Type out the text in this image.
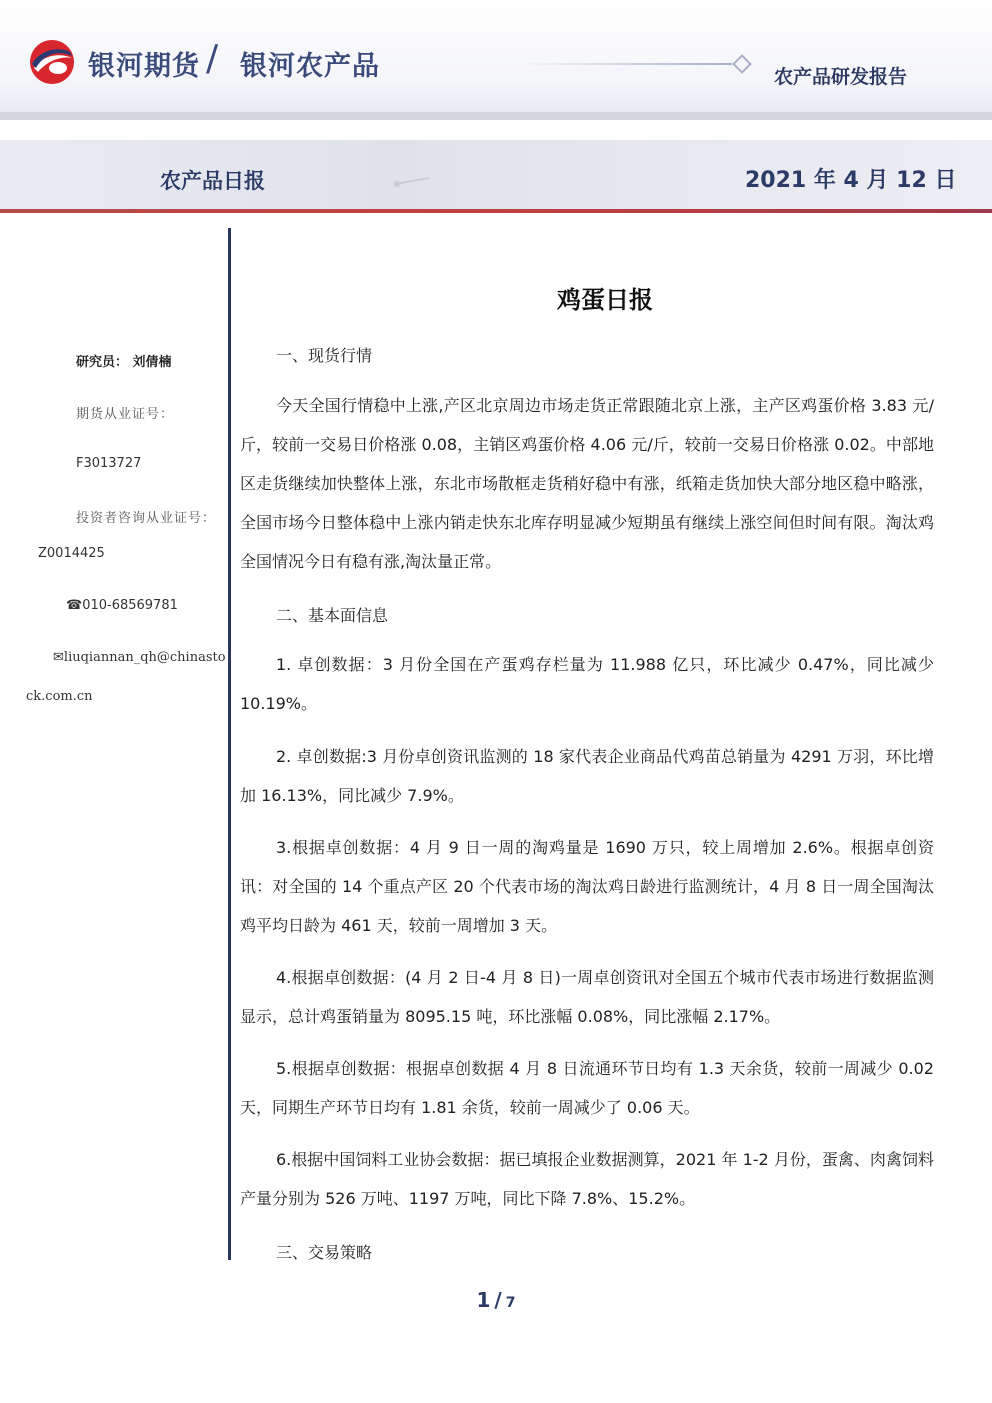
银河期货 / 银河农产品	农产品研发报告
农产品日报	2021 年 4 月 12 日
研究员： 刘倩楠
期货从业证号：
F3013727
投资者咨询从业证号：
Z0014425
☎010-68569781
✉liuqiannan_qh@chinasto
ck.com.cn
鸡蛋日报
一、现货行情
今天全国行情稳中上涨,产区北京周边市场走货正常跟随北京上涨，主产区鸡蛋价格 3.83 元/斤，较前一交易日价格涨 0.08，主销区鸡蛋价格 4.06 元/斤，较前一交易日价格涨 0.02。中部地区走货继续加快整体上涨，东北市场散框走货稍好稳中有涨，纸箱走货加快大部分地区稳中略涨，全国市场今日整体稳中上涨内销走快东北库存明显减少短期虽有继续上涨空间但时间有限。淘汰鸡全国情况今日有稳有涨,淘汰量正常。
二、基本面信息
1. 卓创数据：3 月份全国在产蛋鸡存栏量为 11.988 亿只，环比减少 0.47%，同比减少 10.19%。
2. 卓创数据:3 月份卓创资讯监测的 18 家代表企业商品代鸡苗总销量为 4291 万羽，环比增加 16.13%，同比减少 7.9%。
3.根据卓创数据：4 月 9 日一周的淘鸡量是 1690 万只，较上周增加 2.6%。根据卓创资讯：对全国的 14 个重点产区 20 个代表市场的淘汰鸡日龄进行监测统计，4 月 8 日一周全国淘汰鸡平均日龄为 461 天，较前一周增加 3 天。
4.根据卓创数据：(4 月 2 日-4 月 8 日)一周卓创资讯对全国五个城市代表市场进行数据监测显示，总计鸡蛋销量为 8095.15 吨，环比涨幅 0.08%，同比涨幅 2.17%。
5.根据卓创数据：根据卓创数据 4 月 8 日流通环节日均有 1.3 天余货，较前一周减少 0.02 天，同期生产环节日均有 1.81 余货，较前一周减少了 0.06 天。
6.根据中国饲料工业协会数据：据已填报企业数据测算，2021 年 1-2 月份，蛋禽、肉禽饲料产量分别为 526 万吨、1197 万吨，同比下降 7.8%、15.2%。
三、交易策略
1 / 7
